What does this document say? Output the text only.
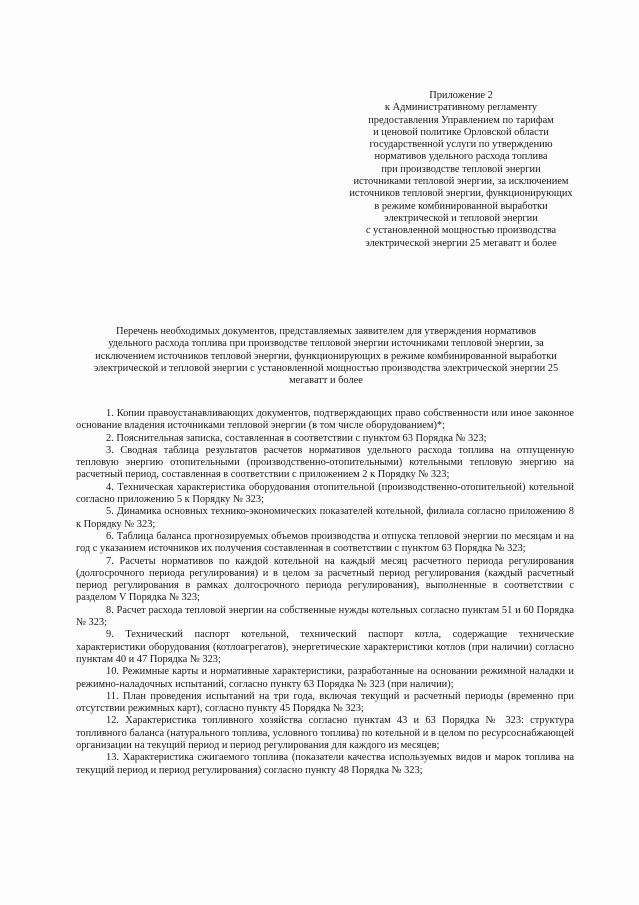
Приложение 2
к Административному регламенту
предоставления Управлением по тарифам
и ценовой политике Орловской области
государственной услуги по утверждению
нормативов удельного расхода топлива
при производстве тепловой энергии
источниками тепловой энергии, за исключением
источников тепловой энергии, функционирующих
в режиме комбинированной выработки
электрической и тепловой энергии
с установленной мощностью производства
электрической энергии 25 мегаватт и более
Перечень необходимых документов, представляемых заявителем для утверждения нормативов
удельного расхода топлива при производстве тепловой энергии источниками тепловой энергии, за
исключением источников тепловой энергии, функционирующих в режиме комбинированной выработки
электрической и тепловой энергии с установленной мощностью производства электрической энергии 25
мегаватт и более

1. Копии правоустанавливающих документов, подтверждающих право собственности или иное законное основание владения источниками тепловой энергии (в том числе оборудованием)*;

2. Пояснительная записка, составленная в соответствии с пунктом 63 Порядка № 323;

3. Сводная таблица результатов расчетов нормативов удельного расхода топлива на отпущенную тепловую энергию отопительными (производственно-отопительными) котельными тепловую энергию на расчетный период, составленная в соответствии с приложением 2 к Порядку № 323;

4. Техническая характеристика оборудования отопительной (производственно-отопительной) котельной согласно приложению 5 к Порядку № 323;

5. Динамика основных технико-экономических показателей котельной, филиала согласно приложению 8 к Порядку № 323;

6. Таблица баланса прогнозируемых объемов производства и отпуска тепловой энергии по месяцам и на год с указанием источников их получения составленная в соответствии с пунктом 63 Порядка № 323;

7. Расчеты нормативов по каждой котельной на каждый месяц расчетного периода регулирования (долгосрочного периода регулирования) и в целом за расчетный период регулирования (каждый расчетный период регулирования в рамках долгосрочного периода регулирования), выполненные в соответствии с разделом V Порядка № 323;

8. Расчет расхода тепловой энергии на собственные нужды котельных согласно пунктам 51 и 60 Порядка № 323;

9. Технический паспорт котельной, технический паспорт котла, содержащие технические характеристики оборудования (котлоагрегатов), энергетические характеристики котлов (при наличии) согласно пунктам 40 и 47 Порядка № 323;

10. Режимные карты и нормативные характеристики, разработанные на основании режимной наладки и режимно-наладочных испытаний, согласно пункту 63 Порядка № 323 (при наличии);

11. План проведения испытаний на три года, включая текущий и расчетный периоды (временно при отсутствии режимных карт), согласно пункту 45 Порядка № 323;

12. Характеристика топливного хозяйства согласно пунктам 43 и 63 Порядка № 323: структура топливного баланса (натурального топлива, условного топлива) по котельной и в целом по ресурсоснабжающей организации на текущий период и период регулирования для каждого из месяцев;

13. Характеристика сжигаемого топлива (показатели качества используемых видов и марок топлива на текущий период и период регулирования) согласно пункту 48 Порядка № 323;
